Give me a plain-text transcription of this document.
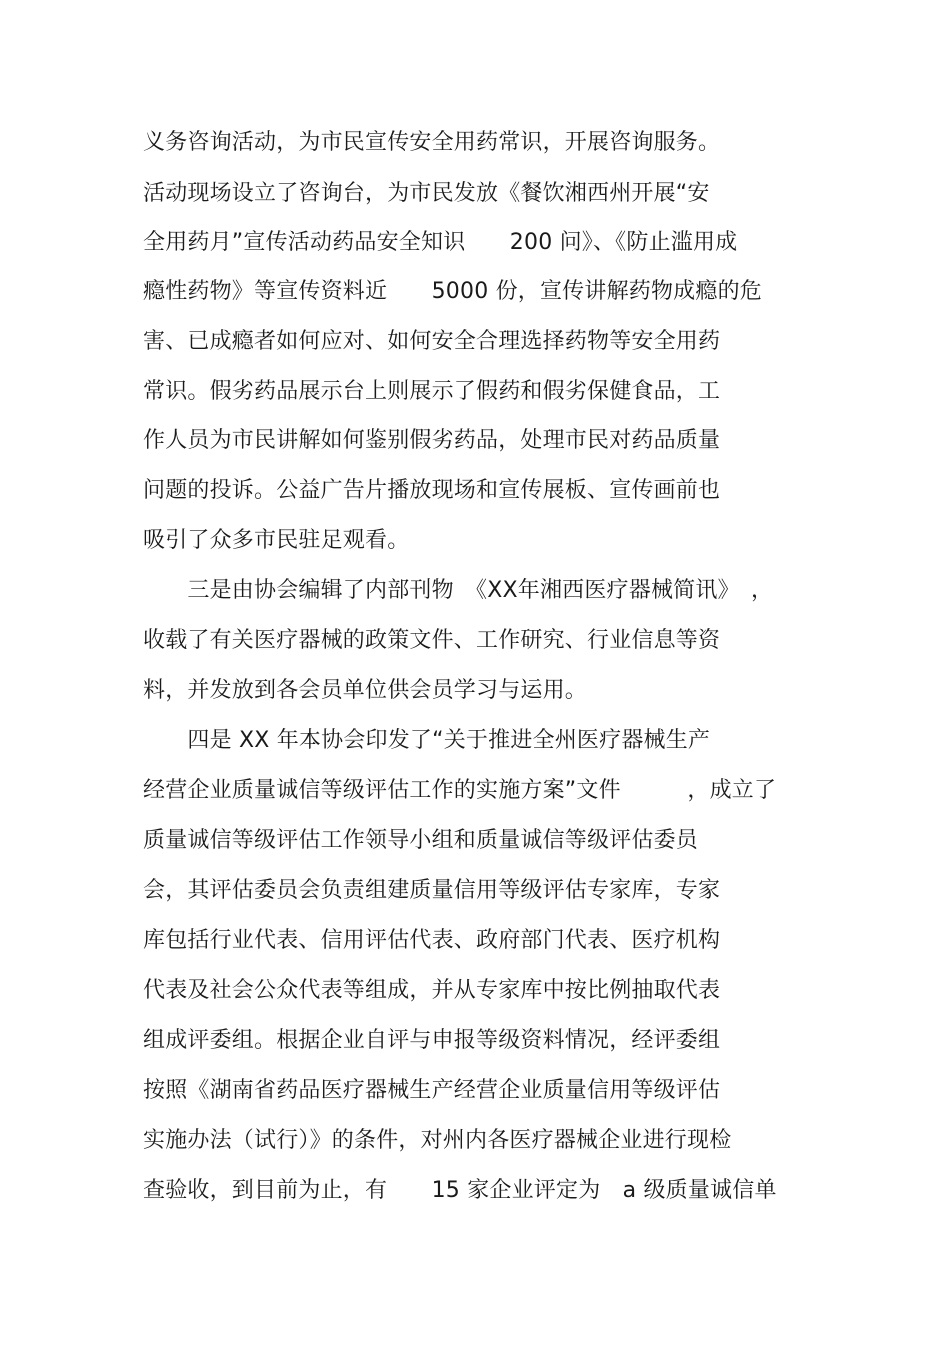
义务咨询活动，为市民宣传安全用药常识，开展咨询服务。
活动现场设立了咨询台，为市民发放《餐饮湘西州开展“安
全用药月”宣传活动药品安全知识　　200 问》、《防止滥用成
瘾性药物》等宣传资料近　　5000 份，宣传讲解药物成瘾的危
害、已成瘾者如何应对、如何安全合理选择药物等安全用药
常识。假劣药品展示台上则展示了假药和假劣保健食品，工
作人员为市民讲解如何鉴别假劣药品，处理市民对药品质量
问题的投诉。公益广告片播放现场和宣传展板、宣传画前也
吸引了众多市民驻足观看。
　　三是由协会编辑了内部刊物　《XX年湘西医疗器械简讯》　，
收载了有关医疗器械的政策文件、工作研究、行业信息等资
料，并发放到各会员单位供会员学习与运用。
　　四是 XX 年本协会印发了“关于推进全州医疗器械生产
经营企业质量诚信等级评估工作的实施方案”文件　　　，成立了
质量诚信等级评估工作领导小组和质量诚信等级评估委员
会，其评估委员会负责组建质量信用等级评估专家库，专家
库包括行业代表、信用评估代表、政府部门代表、医疗机构
代表及社会公众代表等组成，并从专家库中按比例抽取代表
组成评委组。根据企业自评与申报等级资料情况，经评委组
按照《湖南省药品医疗器械生产经营企业质量信用等级评估
实施办法（试行）》的条件，对州内各医疗器械企业进行现检
查验收，到目前为止，有　　15 家企业评定为　a 级质量诚信单
